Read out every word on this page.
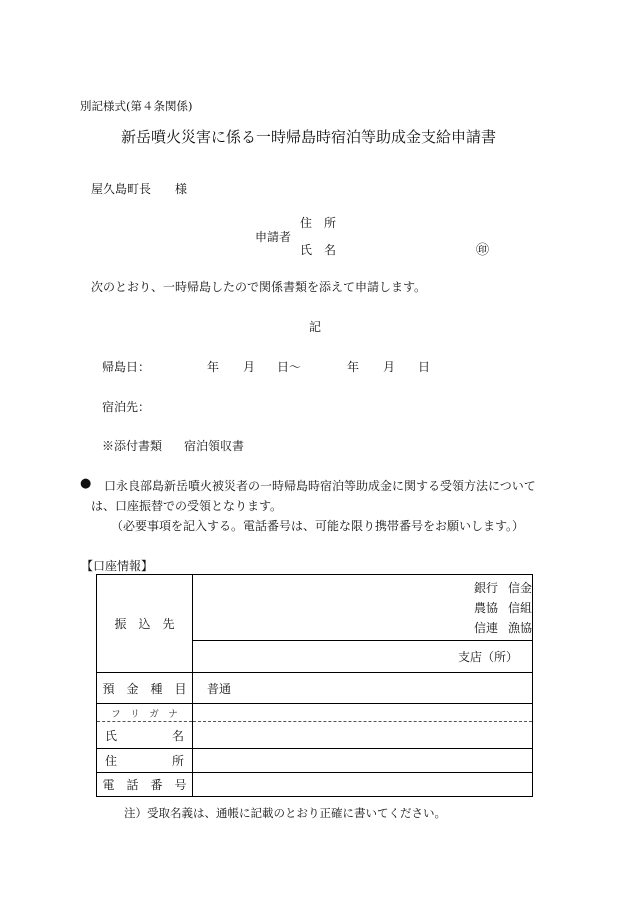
別記様式(第４条関係)
新岳噴火災害に係る一時帰島時宿泊等助成金支給申請書
屋久島町長　　様
住　所
申請者
氏　名	㊞
次のとおり、一時帰島したので関係書類を添えて申請します。
記
帰島日：	年 月 日〜	年 月 日
宿泊先：
※添付書類 宿泊領収書
● 口永良部島新岳噴火被災者の一時帰島時宿泊等助成金に関する受領方法について
は、口座振替での受領となります。
（必要事項を記入する。電話番号は、可能な限り携帯番号をお願いします。）
【口座情報】
振　込　先	銀行 信金
農協 信組
信連 漁協

	支店（所）
預　金　種　目	普通
フ　リ　ガ　ナ	

氏 名	

住 所	

電　話　番　号	
注）受取名義は、通帳に記載のとおり正確に書いてください。
